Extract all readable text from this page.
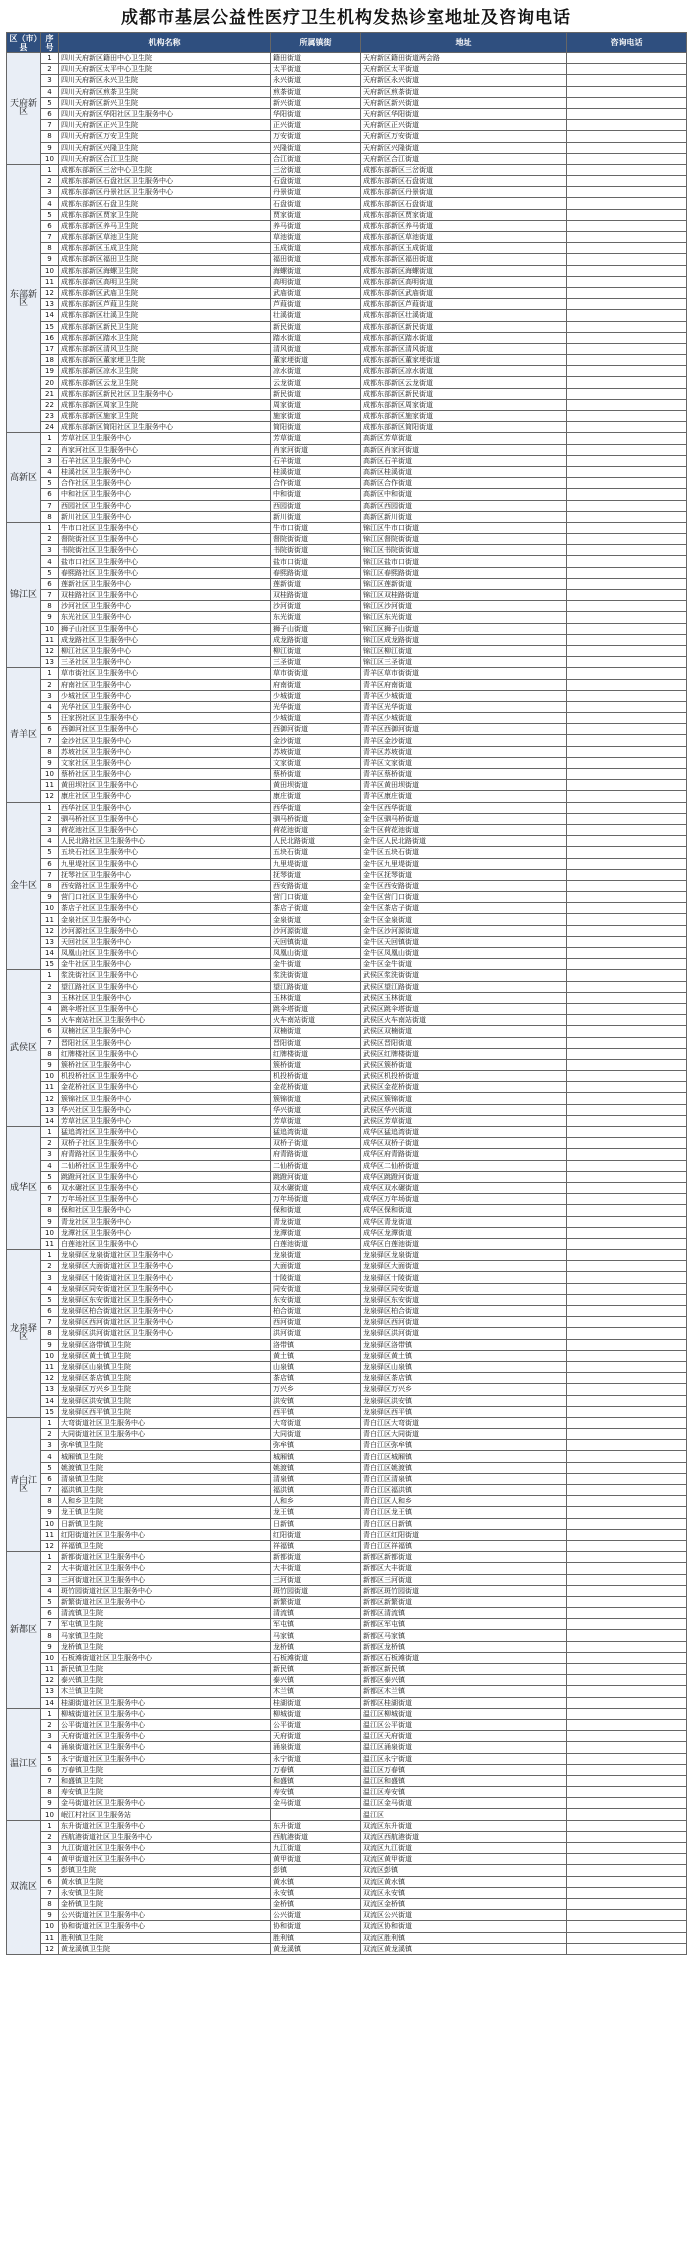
成都市基层公益性医疗卫生机构发热诊室地址及咨询电话
区（市）县	序号	机构名称	所属镇街	地址	咨询电话
天府新区	1	四川天府新区籍田中心卫生院	籍田街道	天府新区籍田街道两会路	
	2	四川天府新区太平中心卫生院	太平街道	天府新区太平街道	
	3	四川天府新区永兴卫生院	永兴街道	天府新区永兴街道	
	4	四川天府新区煎茶卫生院	煎茶街道	天府新区煎茶街道	
	5	四川天府新区新兴卫生院	新兴街道	天府新区新兴街道	
	6	四川天府新区华阳社区卫生服务中心	华阳街道	天府新区华阳街道	
	7	四川天府新区正兴卫生院	正兴街道	天府新区正兴街道	
	8	四川天府新区万安卫生院	万安街道	天府新区万安街道	
	9	四川天府新区兴隆卫生院	兴隆街道	天府新区兴隆街道	
	10	四川天府新区合江卫生院	合江街道	天府新区合江街道	
东部新区	1	成都东部新区三岔中心卫生院	三岔街道	成都东部新区三岔街道	
	2	成都东部新区石盘社区卫生服务中心	石盘街道	成都东部新区石盘街道	
	3	成都东部新区丹景社区卫生服务中心	丹景街道	成都东部新区丹景街道	
	4	成都东部新区石盘卫生院	石盘街道	成都东部新区石盘街道	
	5	成都东部新区贾家卫生院	贾家街道	成都东部新区贾家街道	
	6	成都东部新区养马卫生院	养马街道	成都东部新区养马街道	
	7	成都东部新区草池卫生院	草池街道	成都东部新区草池街道	
	8	成都东部新区玉成卫生院	玉成街道	成都东部新区玉成街道	
	9	成都东部新区福田卫生院	福田街道	成都东部新区福田街道	
	10	成都东部新区海螺卫生院	海螺街道	成都东部新区海螺街道	
	11	成都东部新区高明卫生院	高明街道	成都东部新区高明街道	
	12	成都东部新区武庙卫生院	武庙街道	成都东部新区武庙街道	
	13	成都东部新区芦葭卫生院	芦葭街道	成都东部新区芦葭街道	
	14	成都东部新区壮溪卫生院	壮溪街道	成都东部新区壮溪街道	
	15	成都东部新区新民卫生院	新民街道	成都东部新区新民街道	
	16	成都东部新区踏水卫生院	踏水街道	成都东部新区踏水街道	
	17	成都东部新区清风卫生院	清风街道	成都东部新区清风街道	
	18	成都东部新区董家埂卫生院	董家埂街道	成都东部新区董家埂街道	
	19	成都东部新区凉水卫生院	凉水街道	成都东部新区凉水街道	
	20	成都东部新区云龙卫生院	云龙街道	成都东部新区云龙街道	
	21	成都东部新区新民社区卫生服务中心	新民街道	成都东部新区新民街道	
	22	成都东部新区周家卫生院	周家街道	成都东部新区周家街道	
	23	成都东部新区施家卫生院	施家街道	成都东部新区施家街道	
	24	成都东部新区简阳社区卫生服务中心	简阳街道	成都东部新区简阳街道	
高新区	1	芳草社区卫生服务中心	芳草街道	高新区芳草街道	
	2	肖家河社区卫生服务中心	肖家河街道	高新区肖家河街道	
	3	石羊社区卫生服务中心	石羊街道	高新区石羊街道	
	4	桂溪社区卫生服务中心	桂溪街道	高新区桂溪街道	
	5	合作社区卫生服务中心	合作街道	高新区合作街道	
	6	中和社区卫生服务中心	中和街道	高新区中和街道	
	7	西园社区卫生服务中心	西园街道	高新区西园街道	
	8	新川社区卫生服务中心	新川街道	高新区新川街道	
锦江区	1	牛市口社区卫生服务中心	牛市口街道	锦江区牛市口街道	
	2	督院街社区卫生服务中心	督院街街道	锦江区督院街街道	
	3	书院街社区卫生服务中心	书院街街道	锦江区书院街街道	
	4	盐市口社区卫生服务中心	盐市口街道	锦江区盐市口街道	
	5	春熙路社区卫生服务中心	春熙路街道	锦江区春熙路街道	
	6	莲新社区卫生服务中心	莲新街道	锦江区莲新街道	
	7	双桂路社区卫生服务中心	双桂路街道	锦江区双桂路街道	
	8	沙河社区卫生服务中心	沙河街道	锦江区沙河街道	
	9	东光社区卫生服务中心	东光街道	锦江区东光街道	
	10	狮子山社区卫生服务中心	狮子山街道	锦江区狮子山街道	
	11	成龙路社区卫生服务中心	成龙路街道	锦江区成龙路街道	
	12	柳江社区卫生服务中心	柳江街道	锦江区柳江街道	
	13	三圣社区卫生服务中心	三圣街道	锦江区三圣街道	
青羊区	1	草市街社区卫生服务中心	草市街街道	青羊区草市街街道	
	2	府南社区卫生服务中心	府南街道	青羊区府南街道	
	3	少城社区卫生服务中心	少城街道	青羊区少城街道	
	4	光华社区卫生服务中心	光华街道	青羊区光华街道	
	5	汪家拐社区卫生服务中心	少城街道	青羊区少城街道	
	6	西御河社区卫生服务中心	西御河街道	青羊区西御河街道	
	7	金沙社区卫生服务中心	金沙街道	青羊区金沙街道	
	8	苏坡社区卫生服务中心	苏坡街道	青羊区苏坡街道	
	9	文家社区卫生服务中心	文家街道	青羊区文家街道	
	10	蔡桥社区卫生服务中心	蔡桥街道	青羊区蔡桥街道	
	11	黄田坝社区卫生服务中心	黄田坝街道	青羊区黄田坝街道	
	12	康庄社区卫生服务中心	康庄街道	青羊区康庄街道	
金牛区	1	西华社区卫生服务中心	西华街道	金牛区西华街道	
	2	驷马桥社区卫生服务中心	驷马桥街道	金牛区驷马桥街道	
	3	荷花池社区卫生服务中心	荷花池街道	金牛区荷花池街道	
	4	人民北路社区卫生服务中心	人民北路街道	金牛区人民北路街道	
	5	五块石社区卫生服务中心	五块石街道	金牛区五块石街道	
	6	九里堤社区卫生服务中心	九里堤街道	金牛区九里堤街道	
	7	抚琴社区卫生服务中心	抚琴街道	金牛区抚琴街道	
	8	西安路社区卫生服务中心	西安路街道	金牛区西安路街道	
	9	营门口社区卫生服务中心	营门口街道	金牛区营门口街道	
	10	茶店子社区卫生服务中心	茶店子街道	金牛区茶店子街道	
	11	金泉社区卫生服务中心	金泉街道	金牛区金泉街道	
	12	沙河源社区卫生服务中心	沙河源街道	金牛区沙河源街道	
	13	天回社区卫生服务中心	天回镇街道	金牛区天回镇街道	
	14	凤凰山社区卫生服务中心	凤凰山街道	金牛区凤凰山街道	
	15	金牛社区卫生服务中心	金牛街道	金牛区金牛街道	
武侯区	1	浆洗街社区卫生服务中心	浆洗街街道	武侯区浆洗街街道	
	2	望江路社区卫生服务中心	望江路街道	武侯区望江路街道	
	3	玉林社区卫生服务中心	玉林街道	武侯区玉林街道	
	4	跳伞塔社区卫生服务中心	跳伞塔街道	武侯区跳伞塔街道	
	5	火车南站社区卫生服务中心	火车南站街道	武侯区火车南站街道	
	6	双楠社区卫生服务中心	双楠街道	武侯区双楠街道	
	7	晋阳社区卫生服务中心	晋阳街道	武侯区晋阳街道	
	8	红牌楼社区卫生服务中心	红牌楼街道	武侯区红牌楼街道	
	9	簇桥社区卫生服务中心	簇桥街道	武侯区簇桥街道	
	10	机投桥社区卫生服务中心	机投桥街道	武侯区机投桥街道	
	11	金花桥社区卫生服务中心	金花桥街道	武侯区金花桥街道	
	12	簇锦社区卫生服务中心	簇锦街道	武侯区簇锦街道	
	13	华兴社区卫生服务中心	华兴街道	武侯区华兴街道	
	14	芳草社区卫生服务中心	芳草街道	武侯区芳草街道	
成华区	1	猛追湾社区卫生服务中心	猛追湾街道	成华区猛追湾街道	
	2	双桥子社区卫生服务中心	双桥子街道	成华区双桥子街道	
	3	府青路社区卫生服务中心	府青路街道	成华区府青路街道	
	4	二仙桥社区卫生服务中心	二仙桥街道	成华区二仙桥街道	
	5	跳蹬河社区卫生服务中心	跳蹬河街道	成华区跳蹬河街道	
	6	双水碾社区卫生服务中心	双水碾街道	成华区双水碾街道	
	7	万年场社区卫生服务中心	万年场街道	成华区万年场街道	
	8	保和社区卫生服务中心	保和街道	成华区保和街道	
	9	青龙社区卫生服务中心	青龙街道	成华区青龙街道	
	10	龙潭社区卫生服务中心	龙潭街道	成华区龙潭街道	
	11	白莲池社区卫生服务中心	白莲池街道	成华区白莲池街道	
龙泉驿区	1	龙泉驿区龙泉街道社区卫生服务中心	龙泉街道	龙泉驿区龙泉街道	
	2	龙泉驿区大面街道社区卫生服务中心	大面街道	龙泉驿区大面街道	
	3	龙泉驿区十陵街道社区卫生服务中心	十陵街道	龙泉驿区十陵街道	
	4	龙泉驿区同安街道社区卫生服务中心	同安街道	龙泉驿区同安街道	
	5	龙泉驿区东安街道社区卫生服务中心	东安街道	龙泉驿区东安街道	
	6	龙泉驿区柏合街道社区卫生服务中心	柏合街道	龙泉驿区柏合街道	
	7	龙泉驿区西河街道社区卫生服务中心	西河街道	龙泉驿区西河街道	
	8	龙泉驿区洪河街道社区卫生服务中心	洪河街道	龙泉驿区洪河街道	
	9	龙泉驿区洛带镇卫生院	洛带镇	龙泉驿区洛带镇	
	10	龙泉驿区黄土镇卫生院	黄土镇	龙泉驿区黄土镇	
	11	龙泉驿区山泉镇卫生院	山泉镇	龙泉驿区山泉镇	
	12	龙泉驿区茶店镇卫生院	茶店镇	龙泉驿区茶店镇	
	13	龙泉驿区万兴乡卫生院	万兴乡	龙泉驿区万兴乡	
	14	龙泉驿区洪安镇卫生院	洪安镇	龙泉驿区洪安镇	
	15	龙泉驿区西平镇卫生院	西平镇	龙泉驿区西平镇	
青白江区	1	大弯街道社区卫生服务中心	大弯街道	青白江区大弯街道	
	2	大同街道社区卫生服务中心	大同街道	青白江区大同街道	
	3	弥牟镇卫生院	弥牟镇	青白江区弥牟镇	
	4	城厢镇卫生院	城厢镇	青白江区城厢镇	
	5	姚渡镇卫生院	姚渡镇	青白江区姚渡镇	
	6	清泉镇卫生院	清泉镇	青白江区清泉镇	
	7	福洪镇卫生院	福洪镇	青白江区福洪镇	
	8	人和乡卫生院	人和乡	青白江区人和乡	
	9	龙王镇卫生院	龙王镇	青白江区龙王镇	
	10	日新镇卫生院	日新镇	青白江区日新镇	
	11	红阳街道社区卫生服务中心	红阳街道	青白江区红阳街道	
	12	祥福镇卫生院	祥福镇	青白江区祥福镇	
新都区	1	新都街道社区卫生服务中心	新都街道	新都区新都街道	
	2	大丰街道社区卫生服务中心	大丰街道	新都区大丰街道	
	3	三河街道社区卫生服务中心	三河街道	新都区三河街道	
	4	斑竹园街道社区卫生服务中心	斑竹园街道	新都区斑竹园街道	
	5	新繁街道社区卫生服务中心	新繁街道	新都区新繁街道	
	6	清流镇卫生院	清流镇	新都区清流镇	
	7	军屯镇卫生院	军屯镇	新都区军屯镇	
	8	马家镇卫生院	马家镇	新都区马家镇	
	9	龙桥镇卫生院	龙桥镇	新都区龙桥镇	
	10	石板滩街道社区卫生服务中心	石板滩街道	新都区石板滩街道	
	11	新民镇卫生院	新民镇	新都区新民镇	
	12	泰兴镇卫生院	泰兴镇	新都区泰兴镇	
	13	木兰镇卫生院	木兰镇	新都区木兰镇	
	14	桂湖街道社区卫生服务中心	桂湖街道	新都区桂湖街道	
温江区	1	柳城街道社区卫生服务中心	柳城街道	温江区柳城街道	
	2	公平街道社区卫生服务中心	公平街道	温江区公平街道	
	3	天府街道社区卫生服务中心	天府街道	温江区天府街道	
	4	涌泉街道社区卫生服务中心	涌泉街道	温江区涌泉街道	
	5	永宁街道社区卫生服务中心	永宁街道	温江区永宁街道	
	6	万春镇卫生院	万春镇	温江区万春镇	
	7	和盛镇卫生院	和盛镇	温江区和盛镇	
	8	寿安镇卫生院	寿安镇	温江区寿安镇	
	9	金马街道社区卫生服务中心	金马街道	温江区金马街道	
	10	岷江村社区卫生服务站		温江区	
双流区	1	东升街道社区卫生服务中心	东升街道	双流区东升街道	
	2	西航港街道社区卫生服务中心	西航港街道	双流区西航港街道	
	3	九江街道社区卫生服务中心	九江街道	双流区九江街道	
	4	黄甲街道社区卫生服务中心	黄甲街道	双流区黄甲街道	
	5	彭镇卫生院	彭镇	双流区彭镇	
	6	黄水镇卫生院	黄水镇	双流区黄水镇	
	7	永安镇卫生院	永安镇	双流区永安镇	
	8	金桥镇卫生院	金桥镇	双流区金桥镇	
	9	公兴街道社区卫生服务中心	公兴街道	双流区公兴街道	
	10	协和街道社区卫生服务中心	协和街道	双流区协和街道	
	11	胜利镇卫生院	胜利镇	双流区胜利镇	
	12	黄龙溪镇卫生院	黄龙溪镇	双流区黄龙溪镇	
